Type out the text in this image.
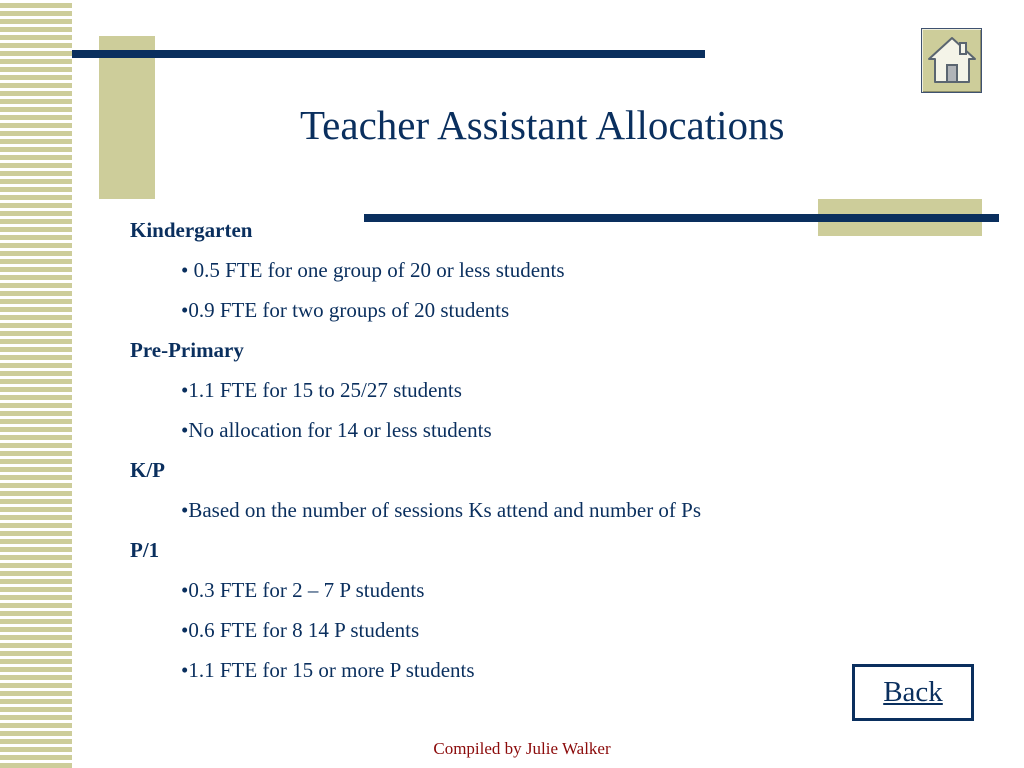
Teacher Assistant Allocations
Kindergarten
• 0.5 FTE for one group of 20 or less students
•0.9 FTE for two groups of 20 students
Pre-Primary
•1.1 FTE for 15 to 25/27 students
•No allocation for 14 or less students
K/P
•Based on the number of sessions Ks attend and number of Ps
P/1
•0.3 FTE for 2 – 7 P students
•0.6 FTE for 8 14 P students
•1.1 FTE for 15 or more P students
Back
Compiled by Julie Walker
